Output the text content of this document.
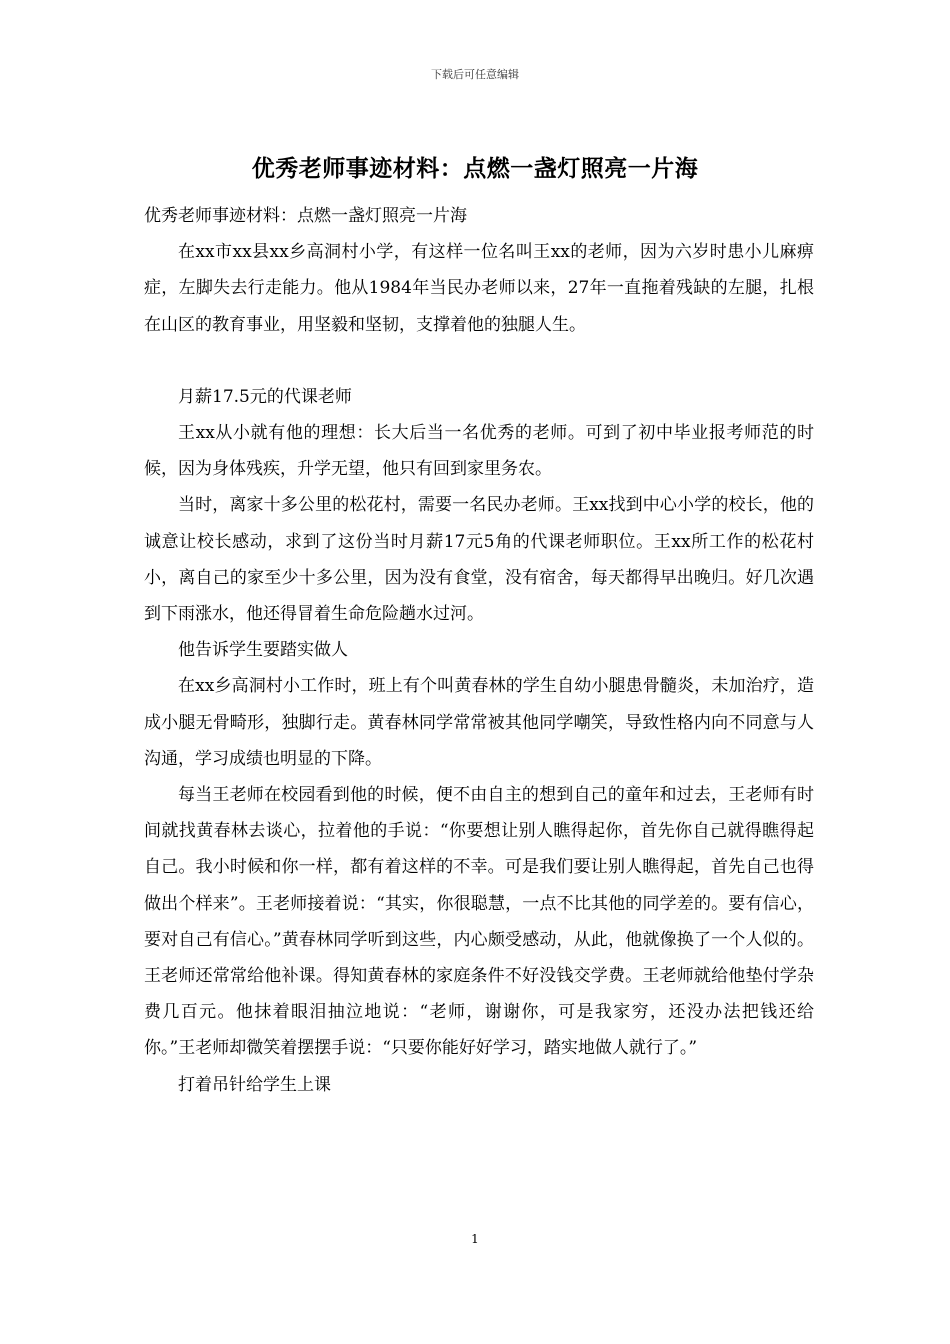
下载后可任意编辑
优秀老师事迹材料：点燃一盏灯照亮一片海

优秀老师事迹材料：点燃一盏灯照亮一片海

在xx市xx县xx乡高洞村小学，有这样一位名叫王xx的老师，因为六岁时患小儿麻痹症，左脚失去行走能力。他从1984年当民办老师以来，27年一直拖着残缺的左腿，扎根在山区的教育事业，用坚毅和坚韧，支撑着他的独腿人生。

月薪17.5元的代课老师

王xx从小就有他的理想：长大后当一名优秀的老师。可到了初中毕业报考师范的时候，因为身体残疾，升学无望，他只有回到家里务农。

当时，离家十多公里的松花村，需要一名民办老师。王xx找到中心小学的校长，他的诚意让校长感动，求到了这份当时月薪17元5角的代课老师职位。王xx所工作的松花村小，离自己的家至少十多公里，因为没有食堂，没有宿舍，每天都得早出晚归。好几次遇到下雨涨水，他还得冒着生命危险趟水过河。

他告诉学生要踏实做人

在xx乡高洞村小工作时，班上有个叫黄春林的学生自幼小腿患骨髓炎，未加治疗，造成小腿无骨畸形，独脚行走。黄春林同学常常被其他同学嘲笑，导致性格内向不同意与人沟通，学习成绩也明显的下降。

每当王老师在校园看到他的时候，便不由自主的想到自己的童年和过去，王老师有时间就找黄春林去谈心，拉着他的手说：“你要想让别人瞧得起你，首先你自己就得瞧得起自己。我小时候和你一样，都有着这样的不幸。可是我们要让别人瞧得起，首先自己也得做出个样来”。王老师接着说：“其实，你很聪慧，一点不比其他的同学差的。要有信心，要对自己有信心。”黄春林同学听到这些，内心颇受感动，从此，他就像换了一个人似的。王老师还常常给他补课。得知黄春林的家庭条件不好没钱交学费。王老师就给他垫付学杂费几百元。他抹着眼泪抽泣地说：“老师，谢谢你，可是我家穷，还没办法把钱还给你。”王老师却微笑着摆摆手说：“只要你能好好学习，踏实地做人就行了。”

打着吊针给学生上课

1
